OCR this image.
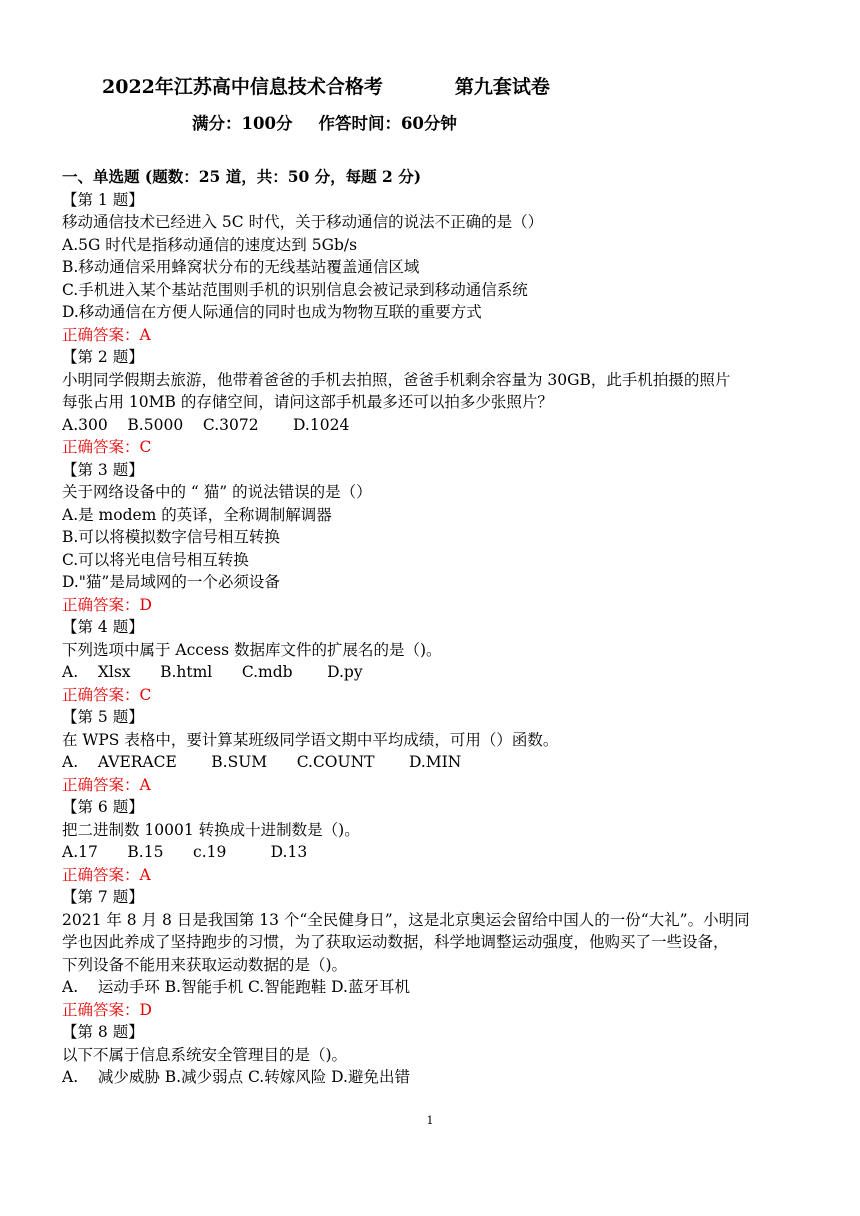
2022年江苏高中信息技术合格考	第九套试卷
满分：100分 作答时间：60分钟
一、单选题 (题数：25 道，共：50 分，每题 2 分)
【第 1 题】
移动通信技术已经进入 5C 时代，关于移动通信的说法不正确的是（）
A.5G 时代是指移动通信的速度达到 5Gb/s
B.移动通信采用蜂窝状分布的无线基站覆盖通信区域
C.手机进入某个基站范围则手机的识别信息会被记录到移动通信系统
D.移动通信在方便人际通信的同时也成为物物互联的重要方式
正确答案：A
【第 2 题】
小明同学假期去旅游，他带着爸爸的手机去拍照，爸爸手机剩余容量为 30GB，此手机拍摄的照片
每张占用 10MB 的存储空间，请问这部手机最多还可以拍多少张照片？
A.300    B.5000    C.3072       D.1024
正确答案：C
【第 3 题】
关于网络设备中的 “ 猫” 的说法错误的是（）
A.是 modem 的英译，全称调制解调器
B.可以将模拟数字信号相互转换
C.可以将光电信号相互转换
D."猫”是局域网的一个必须设备
正确答案：D
【第 4 题】
下列选项中属于 Access 数据库文件的扩展名的是（)。
A.    Xlsx      B.html      C.mdb       D.py
正确答案：C
【第 5 题】
在 WPS 表格中，要计算某班级同学语文期中平均成绩，可用（）函数。
A.    AVERACE       B.SUM      C.COUNT       D.MIN
正确答案：A
【第 6 题】
把二进制数 10001 转换成十进制数是（)。
A.17      B.15      c.19         D.13
正确答案：A
【第 7 题】
2021 年 8 月 8 日是我国第 13 个“全民健身日”，这是北京奥运会留给中国人的一份“大礼”。小明同
学也因此养成了坚持跑步的习惯，为了获取运动数据，科学地调整运动强度，他购买了一些设备，
下列设备不能用来获取运动数据的是（)。
A.    运动手环 B.智能手机 C.智能跑鞋 D.蓝牙耳机
正确答案：D
【第 8 题】
以下不属于信息系统安全管理目的是（)。
A.    减少威胁 B.减少弱点 C.转嫁风险 D.避免出错
1
